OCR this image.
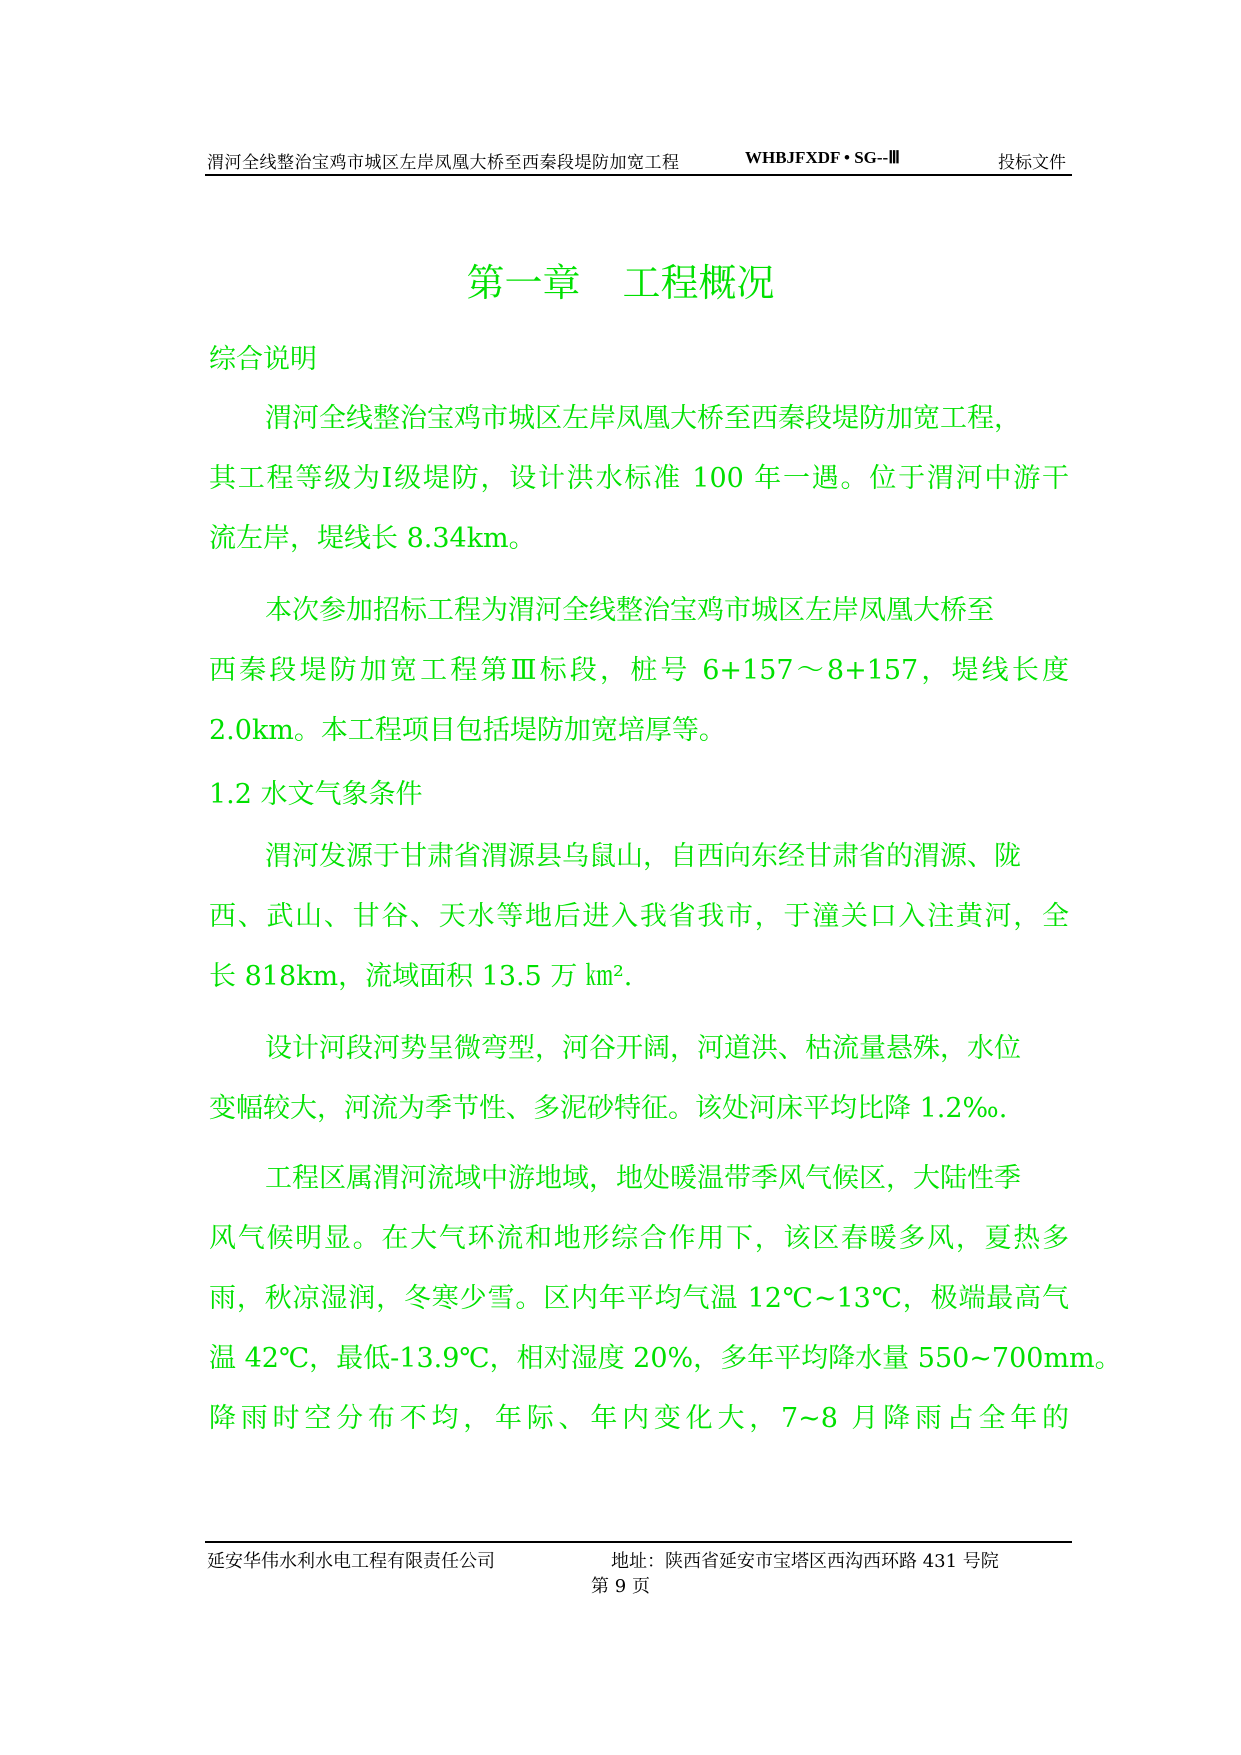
渭河全线整治宝鸡市城区左岸凤凰大桥至西秦段堤防加宽工程	WHBJFXDF • SG--Ⅲ	投标文件
第一章 工程概况
综合说明
渭河全线整治宝鸡市城区左岸凤凰大桥至西秦段堤防加宽工程，
其工程等级为Ⅰ级堤防，设计洪水标准 100 年一遇。位于渭河中游干
流左岸，堤线长 8.34km。
本次参加招标工程为渭河全线整治宝鸡市城区左岸凤凰大桥至
西秦段堤防加宽工程第Ⅲ标段，桩号 6+157～8+157，堤线长度
2.0km。本工程项目包括堤防加宽培厚等。
1.2 水文气象条件
渭河发源于甘肃省渭源县乌鼠山，自西向东经甘肃省的渭源、陇
西、武山、甘谷、天水等地后进入我省我市，于潼关口入注黄河，全
长 818km，流域面积 13.5 万 ㎞².
设计河段河势呈微弯型，河谷开阔，河道洪、枯流量悬殊，水位
变幅较大，河流为季节性、多泥砂特征。该处河床平均比降 1.2‰.
工程区属渭河流域中游地域，地处暖温带季风气候区，大陆性季
风气候明显。在大气环流和地形综合作用下，该区春暖多风，夏热多
雨，秋凉湿润，冬寒少雪。区内年平均气温 12℃~13℃，极端最高气
温 42℃，最低-13.9℃，相对湿度 20%，多年平均降水量 550~700mm。
降雨时空分布不均，年际、年内变化大，7~8 月降雨占全年的
延安华伟水利水电工程有限责任公司	地址：陕西省延安市宝塔区西沟西环路 431 号院
第 9 页
